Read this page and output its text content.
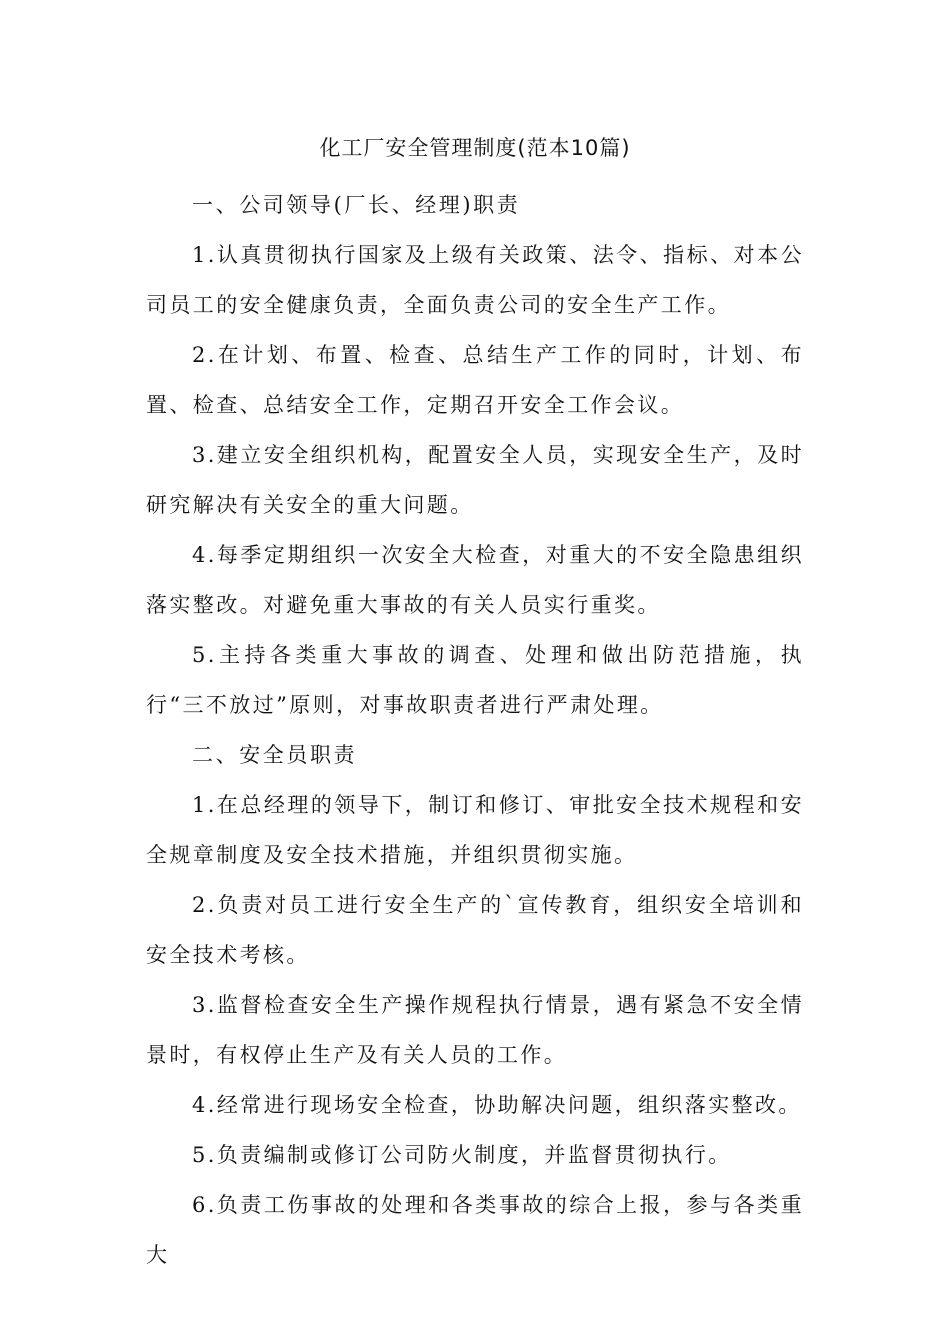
化工厂安全管理制度(范本10篇)

一、公司领导(厂长、经理)职责

1.认真贯彻执行国家及上级有关政策、法令、指标、对本公司员工的安全健康负责，全面负责公司的安全生产工作。

2.在计划、布置、检查、总结生产工作的同时，计划、布置、检查、总结安全工作，定期召开安全工作会议。

3.建立安全组织机构，配置安全人员，实现安全生产，及时研究解决有关安全的重大问题。

4.每季定期组织一次安全大检查，对重大的不安全隐患组织落实整改。对避免重大事故的有关人员实行重奖。

5.主持各类重大事故的调查、处理和做出防范措施，执行“三不放过”原则，对事故职责者进行严肃处理。

二、安全员职责

1.在总经理的领导下，制订和修订、审批安全技术规程和安全规章制度及安全技术措施，并组织贯彻实施。

2.负责对员工进行安全生产的`宣传教育，组织安全培训和安全技术考核。

3.监督检查安全生产操作规程执行情景，遇有紧急不安全情景时，有权停止生产及有关人员的工作。

4.经常进行现场安全检查，协助解决问题，组织落实整改。

5.负责编制或修订公司防火制度，并监督贯彻执行。

6.负责工伤事故的处理和各类事故的综合上报，参与各类重大
